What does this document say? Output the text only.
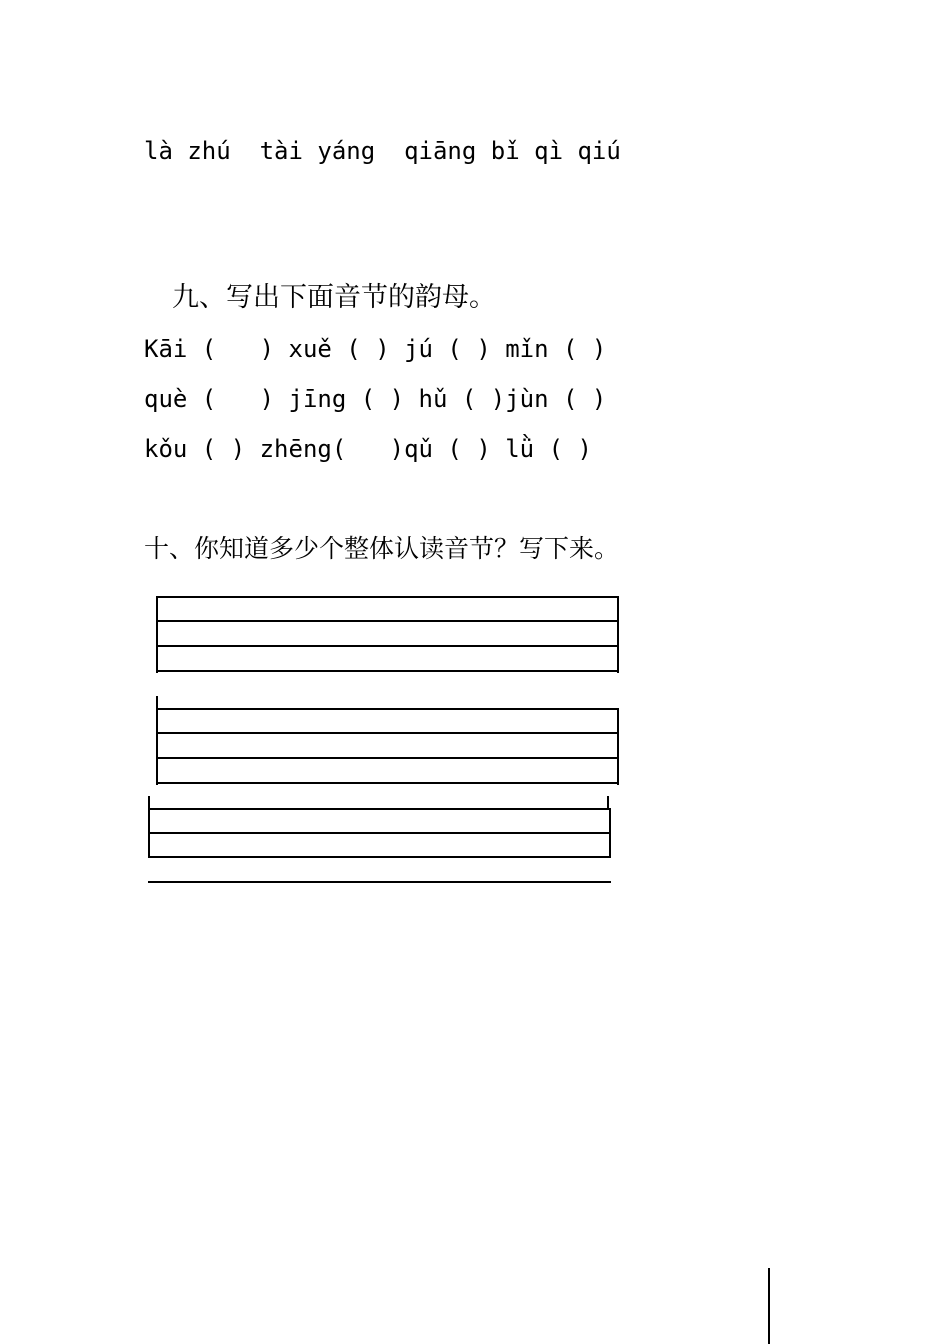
là zhú  tài yáng  qiāng bǐ qì qiú
九、写出下面音节的韵母。
Kāi (   ) xuě ( ) jú ( ) mǐn ( )
què (   ) jīng ( ) hǔ ( )jùn ( )
kǒu ( ) zhēng(   )qǔ ( ) lǜ ( )
十、你知道多少个整体认读音节？写下来。
